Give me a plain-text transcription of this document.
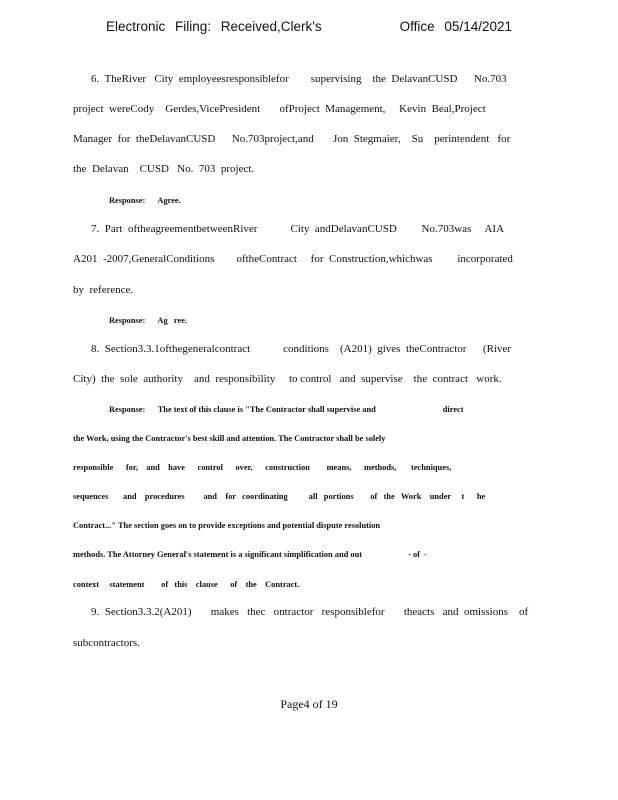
Electronic Filing: Received,Clerk's	Office 05/14/2021
6.  TheRiver   City  employeesresponsiblefor        supervising    the  DelavanCUSD      No.703
project  wereCody    Gerdes,VicePresident       ofProject  Management,     Kevin  Beal,Project
Manager  for  theDelavanCUSD      No.703project,and       Jon  Stegmaier,    Su    perintendent   for
the  Delavan    CUSD   No.  703  project.
Response:      Agree.
7.  Part  oftheagreementbetweenRiver            City  andDelavanCUSD         No.703was     AIA
A201  -2007,GeneralConditions        oftheContract     for  Construction,whichwas         incorporated
by  reference.
Response:      Ag   ree.
8.  Section3.3.1ofthegeneralcontract            conditions    (A201)  gives  theContractor      (River
City)  the  sole  authority    and  responsibility     to control   and  supervise    the  contract   work.
Response:      The text of this clause is "The Contractor shall supervise and                                direct
the Work, using the Contractor's best skill and attention. The Contractor shall be solely
responsible      for,    and    have      control      over,      construction        means,      methods,       techniques,
sequences       and    procedures         and    for   coordinating          all   portions        of   the   Work    under     t      he
Contract..." The section goes on to provide exceptions and potential dispute resolution
methods. The Attorney General's statement is a significant simplification and out                      - of  -
context     statement        of   this    clause      of    the    Contract.
9.  Section3.3.2(A201)       makes   thec   ontractor   responsiblefor       theacts   and  omissions    of
subcontractors.
Page4 of 19
